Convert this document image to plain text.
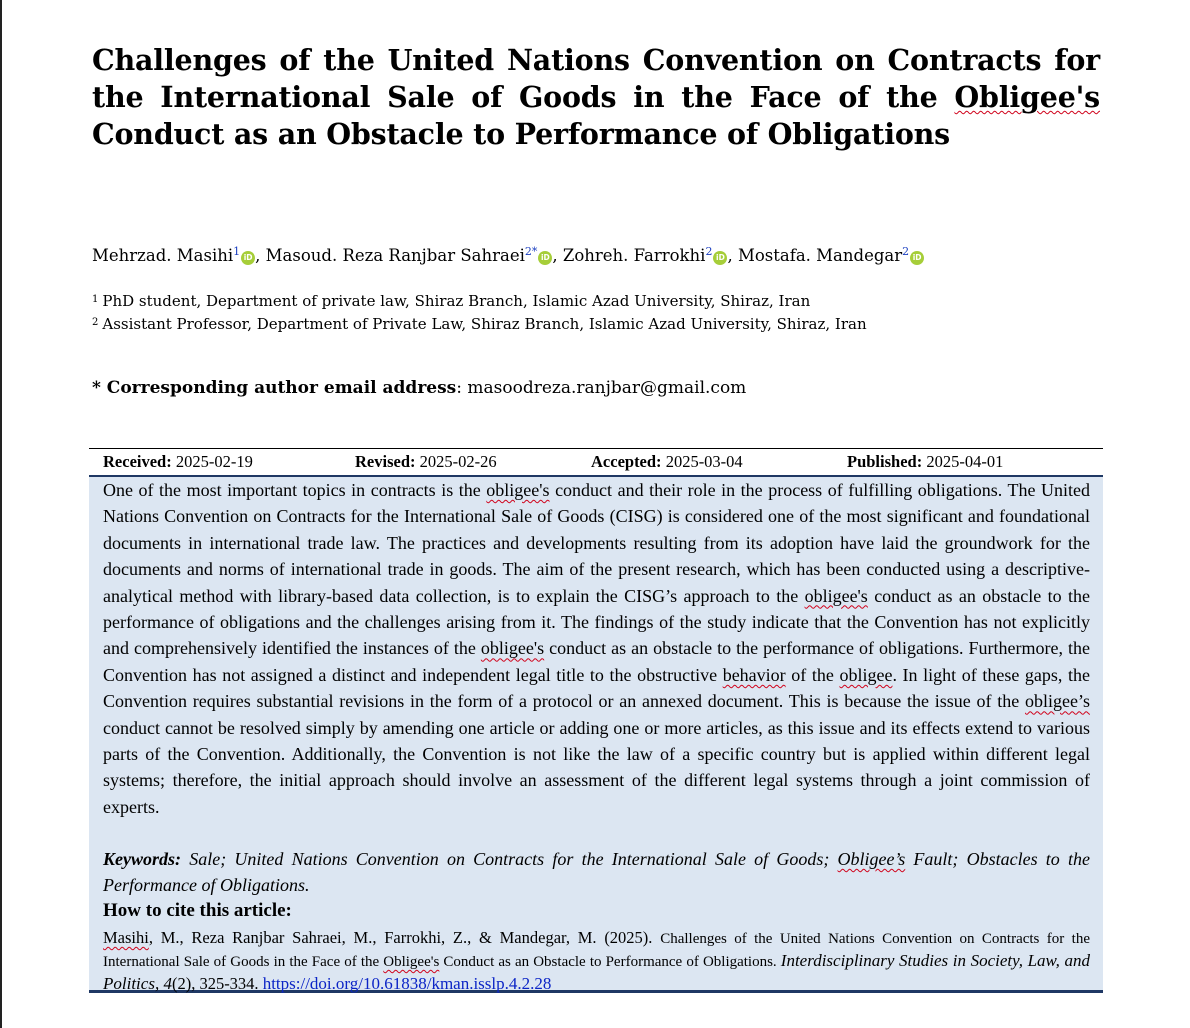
Challenges of the United Nations Convention on Contracts for the International Sale of Goods in the Face of the Obligee's Conduct as an Obstacle to Performance of Obligations
Mehrzad. Masihi$^1$ iD , Masoud. Reza Ranjbar Sahraei$^{2*}$ iD , Zohreh. Farrokhi$^2$ iD , Mostafa. Mandegar$^2$ iD
$^1$ PhD student, Department of private law, Shiraz Branch, Islamic Azad University, Shiraz, Iran
$^2$ Assistant Professor, Department of Private Law, Shiraz Branch, Islamic Azad University, Shiraz, Iran
* Corresponding author email address: masoodreza.ranjbar@gmail.com
Received: 2025-02-19	Revised: 2025-02-26	Accepted: 2025-03-04	Published: 2025-04-01
One of the most important topics in contracts is the obligee's conduct and their role in the process of fulfilling obligations. The United Nations Convention on Contracts for the International Sale of Goods (CISG) is considered one of the most significant and foundational documents in international trade law. The practices and developments resulting from its adoption have laid the groundwork for the documents and norms of international trade in goods. The aim of the present research, which has been conducted using a descriptive-analytical method with library-based data collection, is to explain the CISG’s approach to the obligee's conduct as an obstacle to the performance of obligations and the challenges arising from it. The findings of the study indicate that the Convention has not explicitly and comprehensively identified the instances of the obligee's conduct as an obstacle to the performance of obligations. Furthermore, the Convention has not assigned a distinct and independent legal title to the obstructive behavior of the obligee. In light of these gaps, the Convention requires substantial revisions in the form of a protocol or an annexed document. This is because the issue of the obligee’s conduct cannot be resolved simply by amending one article or adding one or more articles, as this issue and its effects extend to various parts of the Convention. Additionally, the Convention is not like the law of a specific country but is applied within different legal systems; therefore, the initial approach should involve an assessment of the different legal systems through a joint commission of experts.
Keywords: Sale; United Nations Convention on Contracts for the International Sale of Goods; Obligee’s Fault; Obstacles to the Performance of Obligations.
How to cite this article:
Masihi, M., Reza Ranjbar Sahraei, M., Farrokhi, Z., & Mandegar, M. (2025). Challenges of the United Nations Convention on Contracts for the International Sale of Goods in the Face of the Obligee's Conduct as an Obstacle to Performance of Obligations. Interdisciplinary Studies in Society, Law, and Politics, 4(2), 325-334. https://doi.org/10.61838/kman.isslp.4.2.28
